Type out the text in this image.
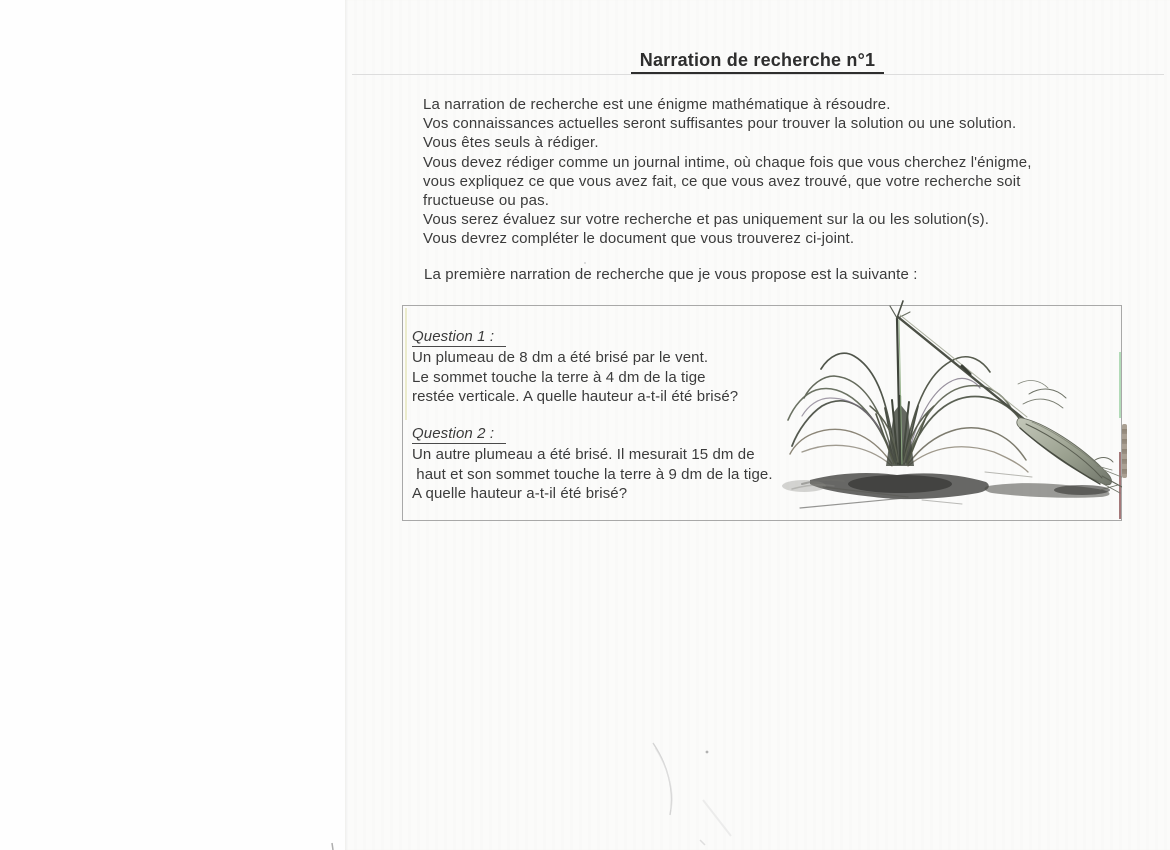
Narration de recherche n°1
La narration de recherche est une énigme mathématique à résoudre.
Vos connaissances actuelles seront suffisantes pour trouver la solution ou une solution.
Vous êtes seuls à rédiger.
Vous devez rédiger comme un journal intime, où chaque fois que vous cherchez l'énigme,
vous expliquez ce que vous avez fait, ce que vous avez trouvé, que votre recherche soit
fructueuse ou pas.
Vous serez évaluez sur votre recherche et pas uniquement sur la ou les solution(s).
Vous devrez compléter le document que vous trouverez ci-joint.
La première narration de recherche que je vous propose est la suivante :
Question 1 :
Un plumeau de 8 dm a été brisé par le vent.
Le sommet touche la terre à 4 dm de la tige
restée verticale. A quelle hauteur a-t-il été brisé?
Question 2 :
Un autre plumeau a été brisé. Il mesurait 15 dm de
haut et son sommet touche la terre à 9 dm de la tige.
A quelle hauteur a-t-il été brisé?
